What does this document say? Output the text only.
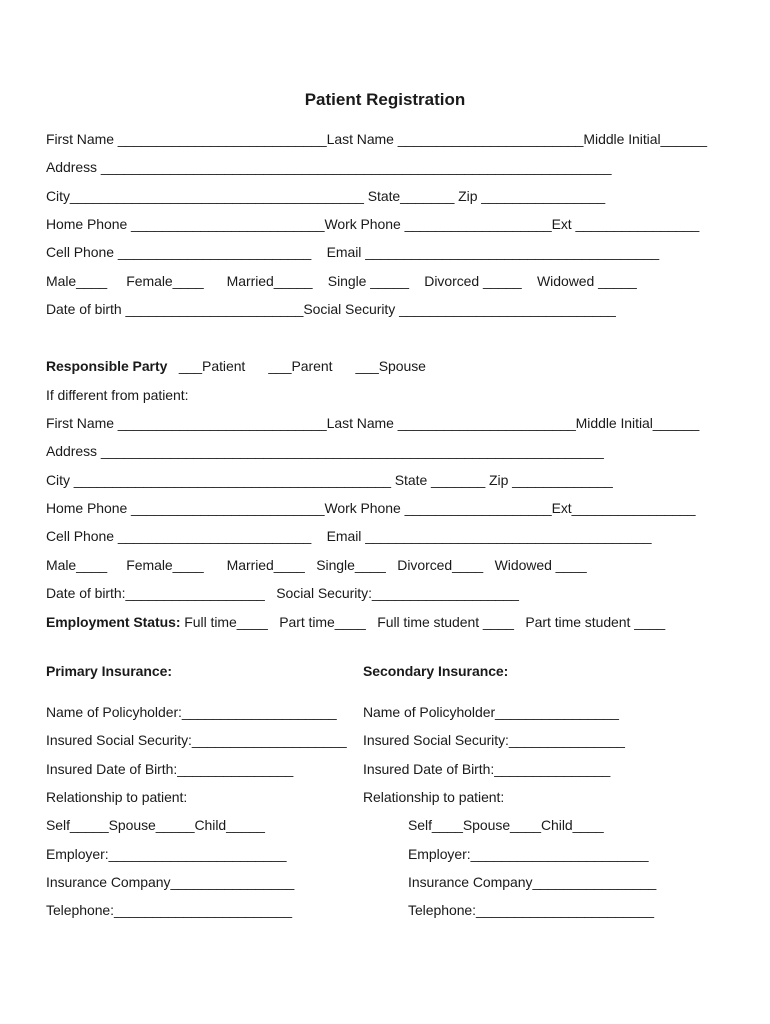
Patient Registration
First Name ___________________________Last Name ________________________Middle Initial______
Address __________________________________________________________________
City______________________________________ State_______ Zip ________________
Home Phone _________________________Work Phone ___________________Ext ________________
Cell Phone _________________________    Email ______________________________________
Male____     Female____      Married_____    Single _____    Divorced _____    Widowed _____
Date of birth _______________________Social Security ____________________________
Responsible Party   ___Patient      ___Parent      ___Spouse
If different from patient:
First Name ___________________________Last Name _______________________Middle Initial______
Address _________________________________________________________________
City _________________________________________ State _______ Zip _____________
Home Phone _________________________Work Phone ___________________Ext________________
Cell Phone _________________________    Email _____________________________________
Male____     Female____      Married____   Single____   Divorced____   Widowed ____
Date of birth:__________________   Social Security:___________________
Employment Status: Full time____   Part time____   Full time student ____   Part time student ____
Primary Insurance:
Name of Policyholder:____________________
Insured Social Security:____________________
Insured Date of Birth:_______________
Relationship to patient:
Self_____Spouse_____Child_____
Employer:_______________________
Insurance Company________________
Telephone:_______________________
Secondary Insurance:
Name of Policyholder________________
Insured Social Security:_______________
Insured Date of Birth:_______________
Relationship to patient:
Self____Spouse____Child____
Employer:_______________________
Insurance Company________________
Telephone:_______________________
